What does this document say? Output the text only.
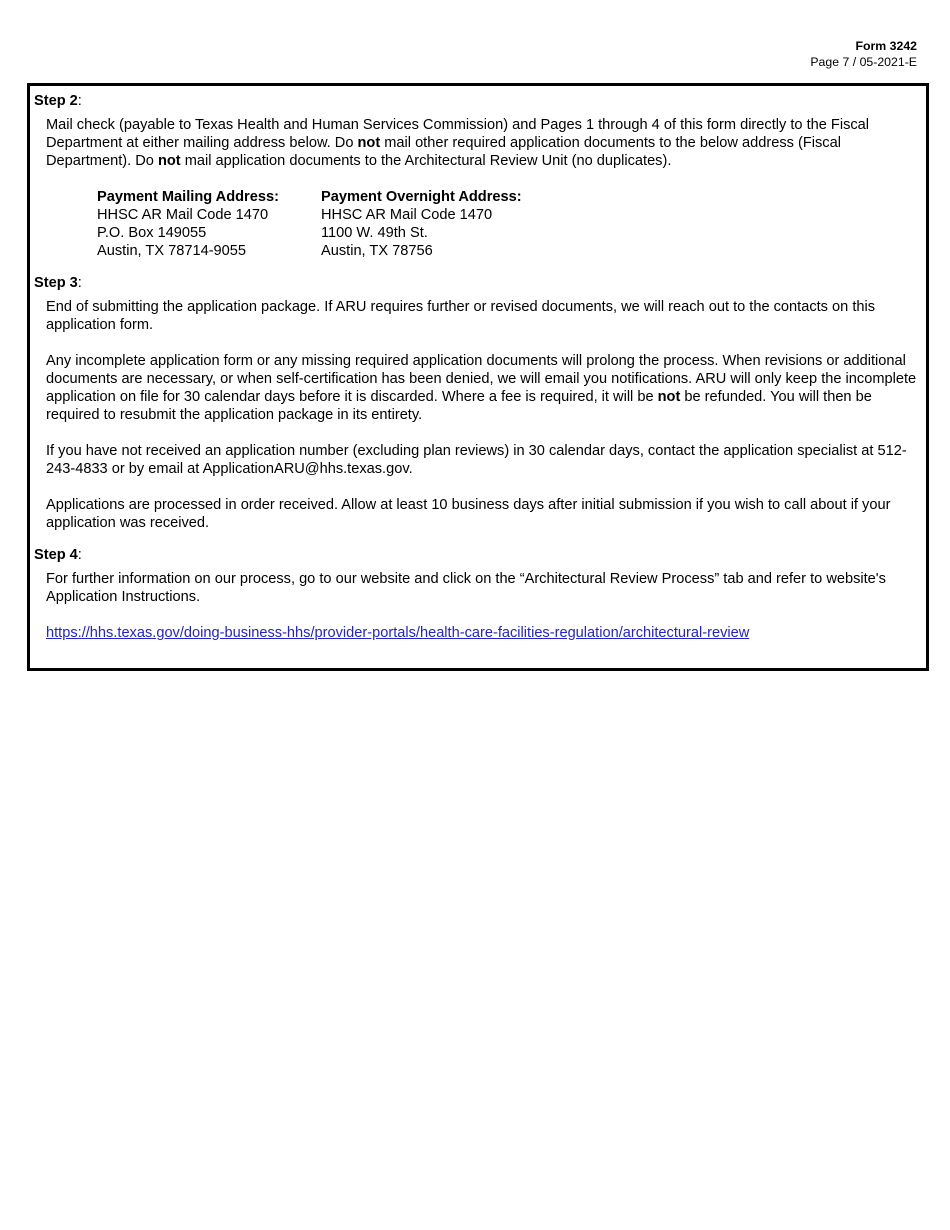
Form 3242
Page 7 / 05-2021-E

Step 2:

Mail check (payable to Texas Health and Human Services Commission) and Pages 1 through 4 of this form directly to the Fiscal Department at either mailing address below. Do not mail other required application documents to the below address (Fiscal Department). Do not mail application documents to the Architectural Review Unit (no duplicates).

Payment Mailing Address:
HHSC AR Mail Code 1470
P.O. Box 149055
Austin, TX 78714-9055
Payment Overnight Address:
HHSC AR Mail Code 1470
1100 W. 49th St.
Austin, TX 78756

Step 3:

End of submitting the application package. If ARU requires further or revised documents, we will reach out to the contacts on this application form.

Any incomplete application form or any missing required application documents will prolong the process. When revisions or additional documents are necessary, or when self-certification has been denied, we will email you notifications. ARU will only keep the incomplete application on file for 30 calendar days before it is discarded. Where a fee is required, it will be not be refunded. You will then be required to resubmit the application package in its entirety.

If you have not received an application number (excluding plan reviews) in 30 calendar days, contact the application specialist at 512-243-4833 or by email at ApplicationARU@hhs.texas.gov.

Applications are processed in order received. Allow at least 10 business days after initial submission if you wish to call about if your application was received.

Step 4:

For further information on our process, go to our website and click on the “Architectural Review Process” tab and refer to website's Application Instructions.

https://hhs.texas.gov/doing-business-hhs/provider-portals/health-care-facilities-regulation/architectural-review
